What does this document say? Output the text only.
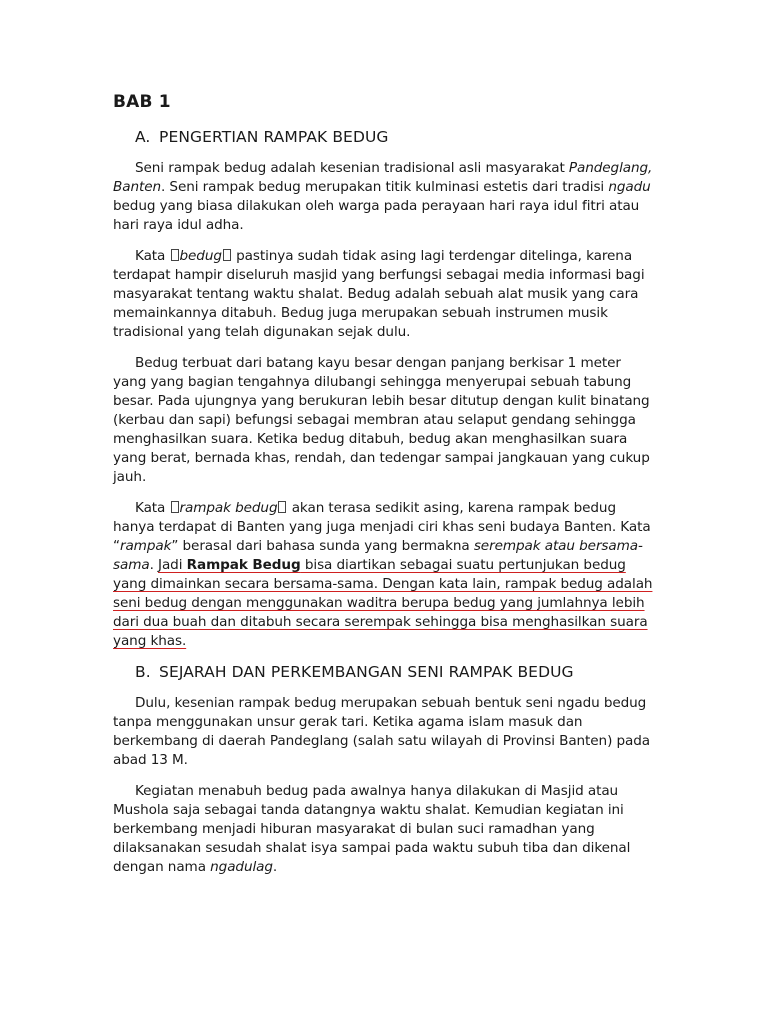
BAB 1
A. PENGERTIAN RAMPAK BEDUG

Seni rampak bedug adalah kesenian tradisional asli masyarakat Pandeglang, Banten. Seni rampak bedug merupakan titik kulminasi estetis dari tradisi ngadu bedug yang biasa dilakukan oleh warga pada perayaan hari raya idul fitri atau hari raya idul adha.

Kata bedug pastinya sudah tidak asing lagi terdengar ditelinga, karena terdapat hampir diseluruh masjid yang berfungsi sebagai media informasi bagi masyarakat tentang waktu shalat. Bedug adalah sebuah alat musik yang cara memainkannya ditabuh. Bedug juga merupakan sebuah instrumen musik tradisional yang telah digunakan sejak dulu.

Bedug terbuat dari batang kayu besar dengan panjang berkisar 1 meter yang yang bagian tengahnya dilubangi sehingga menyerupai sebuah tabung besar. Pada ujungnya yang berukuran lebih besar ditutup dengan kulit binatang (kerbau dan sapi) befungsi sebagai membran atau selaput gendang sehingga menghasilkan suara. Ketika bedug ditabuh, bedug akan menghasilkan suara yang berat, bernada khas, rendah, dan tedengar sampai jangkauan yang cukup jauh.

Kata rampak bedug akan terasa sedikit asing, karena rampak bedug hanya terdapat di Banten yang juga menjadi ciri khas seni budaya Banten. Kata “rampak” berasal dari bahasa sunda yang bermakna serempak atau bersama-sama. Jadi Rampak Bedug bisa diartikan sebagai suatu pertunjukan bedug yang dimainkan secara bersama-sama. Dengan kata lain, rampak bedug adalah seni bedug dengan menggunakan waditra berupa bedug yang jumlahnya lebih dari dua buah dan ditabuh secara serempak sehingga bisa menghasilkan suara yang khas.

B. SEJARAH DAN PERKEMBANGAN SENI RAMPAK BEDUG

Dulu, kesenian rampak bedug merupakan sebuah bentuk seni ngadu bedug tanpa menggunakan unsur gerak tari. Ketika agama islam masuk dan berkembang di daerah Pandeglang (salah satu wilayah di Provinsi Banten) pada abad 13 M.

Kegiatan menabuh bedug pada awalnya hanya dilakukan di Masjid atau Mushola saja sebagai tanda datangnya waktu shalat. Kemudian kegiatan ini berkembang menjadi hiburan masyarakat di bulan suci ramadhan yang dilaksanakan sesudah shalat isya sampai pada waktu subuh tiba dan dikenal dengan nama ngadulag.
